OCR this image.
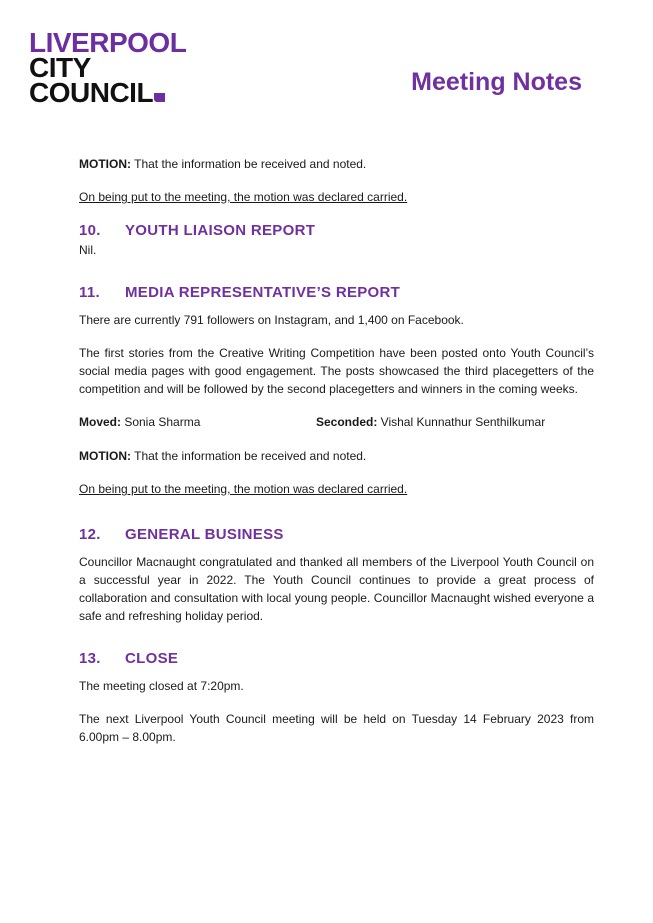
LIVERPOOL
CITY
COUNCIL	Meeting Notes

MOTION: That the information be received and noted.

On being put to the meeting, the motion was declared carried.

10.	YOUTH LIAISON REPORT

Nil.

11.	MEDIA REPRESENTATIVE’S REPORT

There are currently 791 followers on Instagram, and 1,400 on Facebook.

The first stories from the Creative Writing Competition have been posted onto Youth Council’s social media pages with good engagement. The posts showcased the third placegetters of the competition and will be followed by the second placegetters and winners in the coming weeks.

Moved: Sonia Sharma	Seconded: Vishal Kunnathur Senthilkumar

MOTION: That the information be received and noted.

On being put to the meeting, the motion was declared carried.

12.	GENERAL BUSINESS

Councillor Macnaught congratulated and thanked all members of the Liverpool Youth Council on a successful year in 2022. The Youth Council continues to provide a great process of collaboration and consultation with local young people. Councillor Macnaught wished everyone a safe and refreshing holiday period.

13.	CLOSE

The meeting closed at 7:20pm.

The next Liverpool Youth Council meeting will be held on Tuesday 14 February 2023 from 6.00pm – 8.00pm.
